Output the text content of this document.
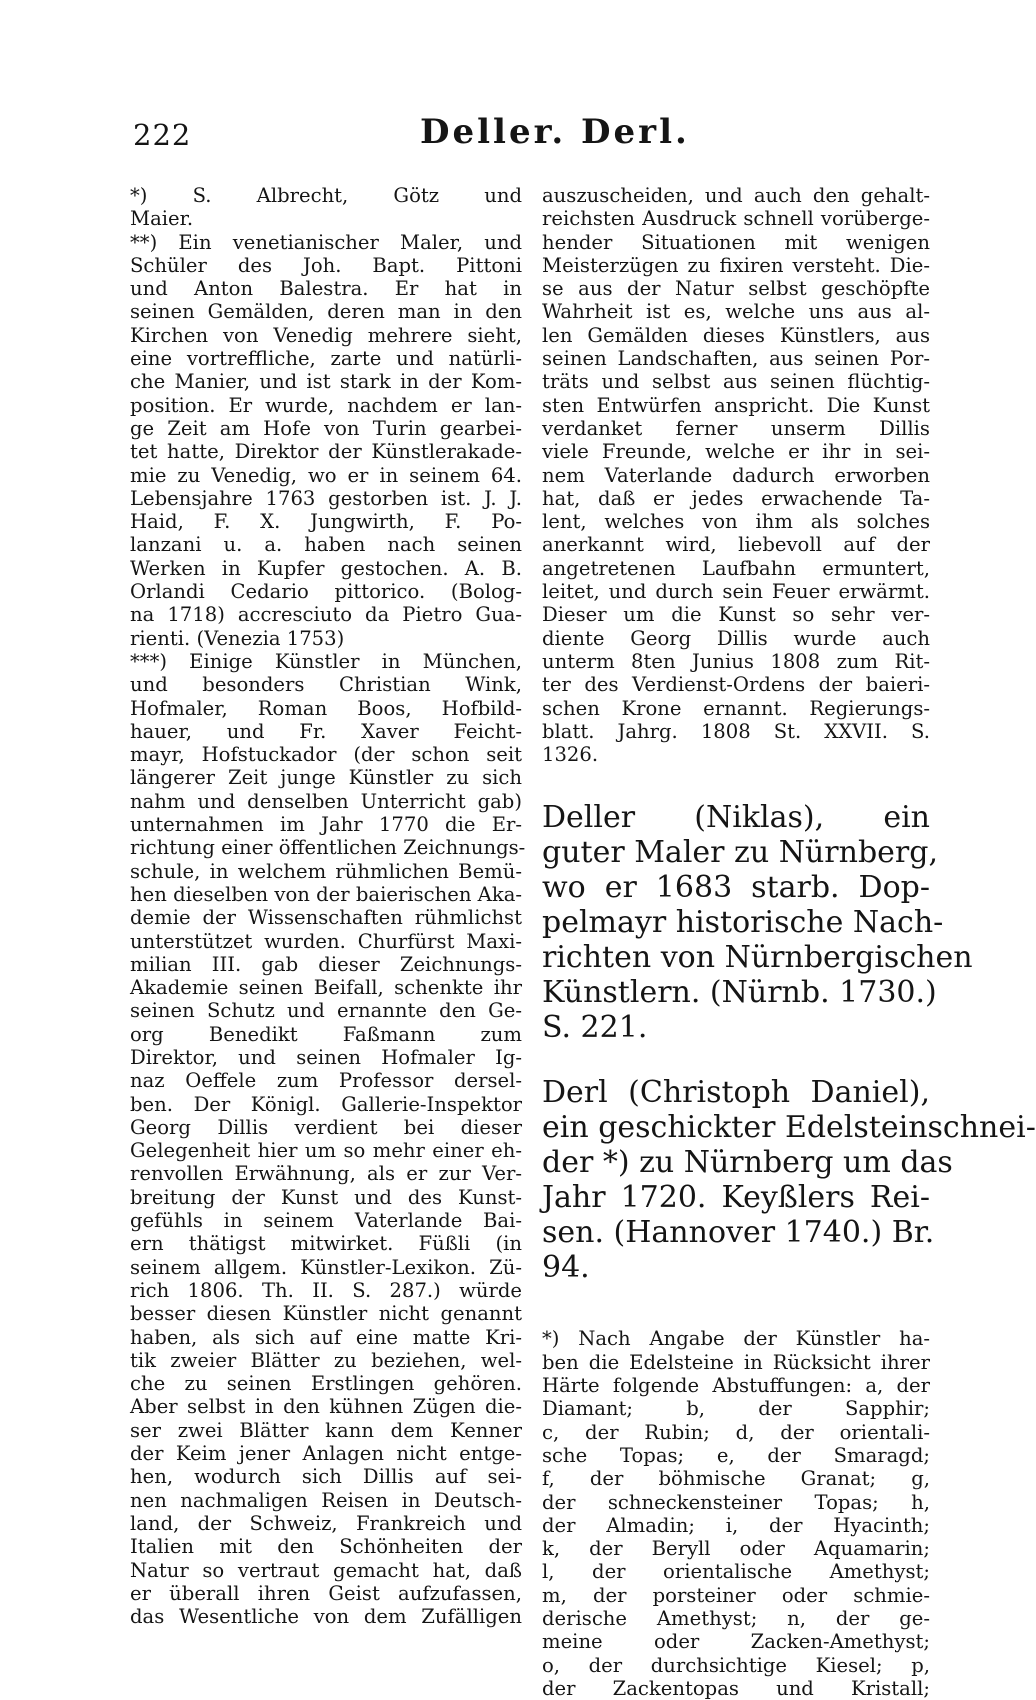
222	Deller. Derl.
*) S. Albrecht, Götz und
Maier.
**) Ein venetianischer Maler, und
Schüler des Joh. Bapt. Pittoni
und Anton Balestra. Er hat in
seinen Gemälden, deren man in den
Kirchen von Venedig mehrere sieht,
eine vortreffliche, zarte und natürli-
che Manier, und ist stark in der Kom-
position. Er wurde, nachdem er lan-
ge Zeit am Hofe von Turin gearbei-
tet hatte, Direktor der Künstlerakade-
mie zu Venedig, wo er in seinem 64.
Lebensjahre 1763 gestorben ist. J. J.
Haid, F. X. Jungwirth, F. Po-
lanzani u. a. haben nach seinen
Werken in Kupfer gestochen. A. B.
Orlandi Cedario pittorico. (Bolog-
na 1718) accresciuto da Pietro Gua-
rienti. (Venezia 1753)
***) Einige Künstler in München,
und besonders Christian Wink,
Hofmaler, Roman Boos, Hofbild-
hauer, und Fr. Xaver Feicht-
mayr, Hofstuckador (der schon seit
längerer Zeit junge Künstler zu sich
nahm und denselben Unterricht gab)
unternahmen im Jahr 1770 die Er-
richtung einer öffentlichen Zeichnungs-
schule, in welchem rühmlichen Bemü-
hen dieselben von der baierischen Aka-
demie der Wissenschaften rühmlichst
unterstützet wurden. Churfürst Maxi-
milian III. gab dieser Zeichnungs-
Akademie seinen Beifall, schenkte ihr
seinen Schutz und ernannte den Ge-
org Benedikt Faßmann zum
Direktor, und seinen Hofmaler Ig-
naz Oeffele zum Professor dersel-
ben. Der Königl. Gallerie-Inspektor
Georg Dillis verdient bei dieser
Gelegenheit hier um so mehr einer eh-
renvollen Erwähnung, als er zur Ver-
breitung der Kunst und des Kunst-
gefühls in seinem Vaterlande Bai-
ern thätigst mitwirket. Füßli (in
seinem allgem. Künstler-Lexikon. Zü-
rich 1806. Th. II. S. 287.) würde
besser diesen Künstler nicht genannt
haben, als sich auf eine matte Kri-
tik zweier Blätter zu beziehen, wel-
che zu seinen Erstlingen gehören.
Aber selbst in den kühnen Zügen die-
ser zwei Blätter kann dem Kenner
der Keim jener Anlagen nicht entge-
hen, wodurch sich Dillis auf sei-
nen nachmaligen Reisen in Deutsch-
land, der Schweiz, Frankreich und
Italien mit den Schönheiten der
Natur so vertraut gemacht hat, daß
er überall ihren Geist aufzufassen,
das Wesentliche von dem Zufälligen
auszuscheiden, und auch den gehalt-
reichsten Ausdruck schnell vorüberge-
hender Situationen mit wenigen
Meisterzügen zu fixiren versteht. Die-
se aus der Natur selbst geschöpfte
Wahrheit ist es, welche uns aus al-
len Gemälden dieses Künstlers, aus
seinen Landschaften, aus seinen Por-
träts und selbst aus seinen flüchtig-
sten Entwürfen anspricht. Die Kunst
verdanket ferner unserm Dillis
viele Freunde, welche er ihr in sei-
nem Vaterlande dadurch erworben
hat, daß er jedes erwachende Ta-
lent, welches von ihm als solches
anerkannt wird, liebevoll auf der
angetretenen Laufbahn ermuntert,
leitet, und durch sein Feuer erwärmt.
Dieser um die Kunst so sehr ver-
diente Georg Dillis wurde auch
unterm 8ten Junius 1808 zum Rit-
ter des Verdienst-Ordens der baieri-
schen Krone ernannt. Regierungs-
blatt. Jahrg. 1808 St. XXVII. S.
1326.
Deller (Niklas), ein
guter Maler zu Nürnberg,
wo er 1683 starb. Dop-
pelmayr historische Nach-
richten von Nürnbergischen
Künstlern. (Nürnb. 1730.)
S. 221.
Derl (Christoph Daniel),
ein geschickter Edelsteinschnei-
der *) zu Nürnberg um das
Jahr 1720. Keyßlers Rei-
sen. (Hannover 1740.) Br.
94.
*) Nach Angabe der Künstler ha-
ben die Edelsteine in Rücksicht ihrer
Härte folgende Abstuffungen: a, der
Diamant; b, der Sapphir;
c, der Rubin; d, der orientali-
sche Topas; e, der Smaragd;
f, der böhmische Granat; g,
der schneckensteiner Topas; h,
der Almadin; i, der Hyacinth;
k, der Beryll oder Aquamarin;
l, der orientalische Amethyst;
m, der porsteiner oder schmie-
derische Amethyst; n, der ge-
meine oder Zacken-Amethyst;
o, der durchsichtige Kiesel; p,
der Zackentopas und Kristall;
